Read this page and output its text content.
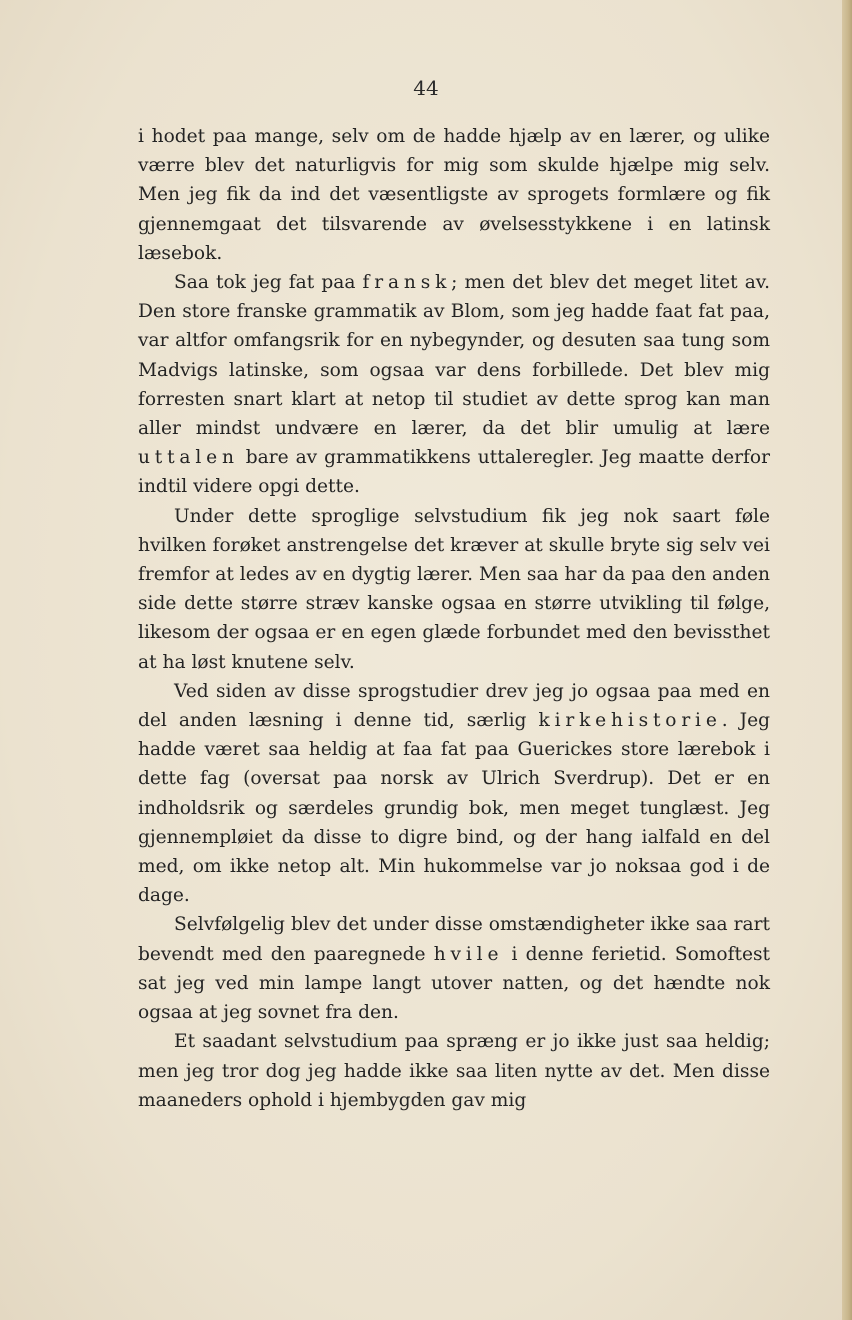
44

i hodet paa mange, selv om de hadde hjælp av en lærer, og ulike værre blev det naturligvis for mig som skulde hjælpe mig selv. Men jeg fik da ind det væsentligste av sprogets formlære og fik gjennemgaat det tilsvarende av øvelsesstykkene i en latinsk læsebok.

Saa tok jeg fat paa fransk; men det blev det meget litet av. Den store franske grammatik av Blom, som jeg hadde faat fat paa, var altfor omfangsrik for en nybegynder, og desuten saa tung som Madvigs latinske, som ogsaa var dens forbillede. Det blev mig forresten snart klart at netop til studiet av dette sprog kan man aller mindst undvære en lærer, da det blir umulig at lære uttalen bare av grammatikkens uttaleregler. Jeg maatte derfor indtil videre opgi dette.

Under dette sproglige selvstudium fik jeg nok saart føle hvilken forøket anstrengelse det kræver at skulle bryte sig selv vei fremfor at ledes av en dygtig lærer. Men saa har da paa den anden side dette større stræv kanske ogsaa en større utvikling til følge, likesom der ogsaa er en egen glæde forbundet med den bevissthet at ha løst knutene selv.

Ved siden av disse sprogstudier drev jeg jo ogsaa paa med en del anden læsning i denne tid, særlig kirkehistorie. Jeg hadde været saa heldig at faa fat paa Guerickes store lærebok i dette fag (oversat paa norsk av Ulrich Sverdrup). Det er en indholdsrik og særdeles grundig bok, men meget tunglæst. Jeg gjennempløiet da disse to digre bind, og der hang ialfald en del med, om ikke netop alt. Min hukommelse var jo noksaa god i de dage.

Selvfølgelig blev det under disse omstændigheter ikke saa rart bevendt med den paaregnede hvile i denne ferietid. Somoftest sat jeg ved min lampe langt utover natten, og det hændte nok ogsaa at jeg sovnet fra den.

Et saadant selvstudium paa spræng er jo ikke just saa heldig; men jeg tror dog jeg hadde ikke saa liten nytte av det. Men disse maaneders ophold i hjembygden gav mig
